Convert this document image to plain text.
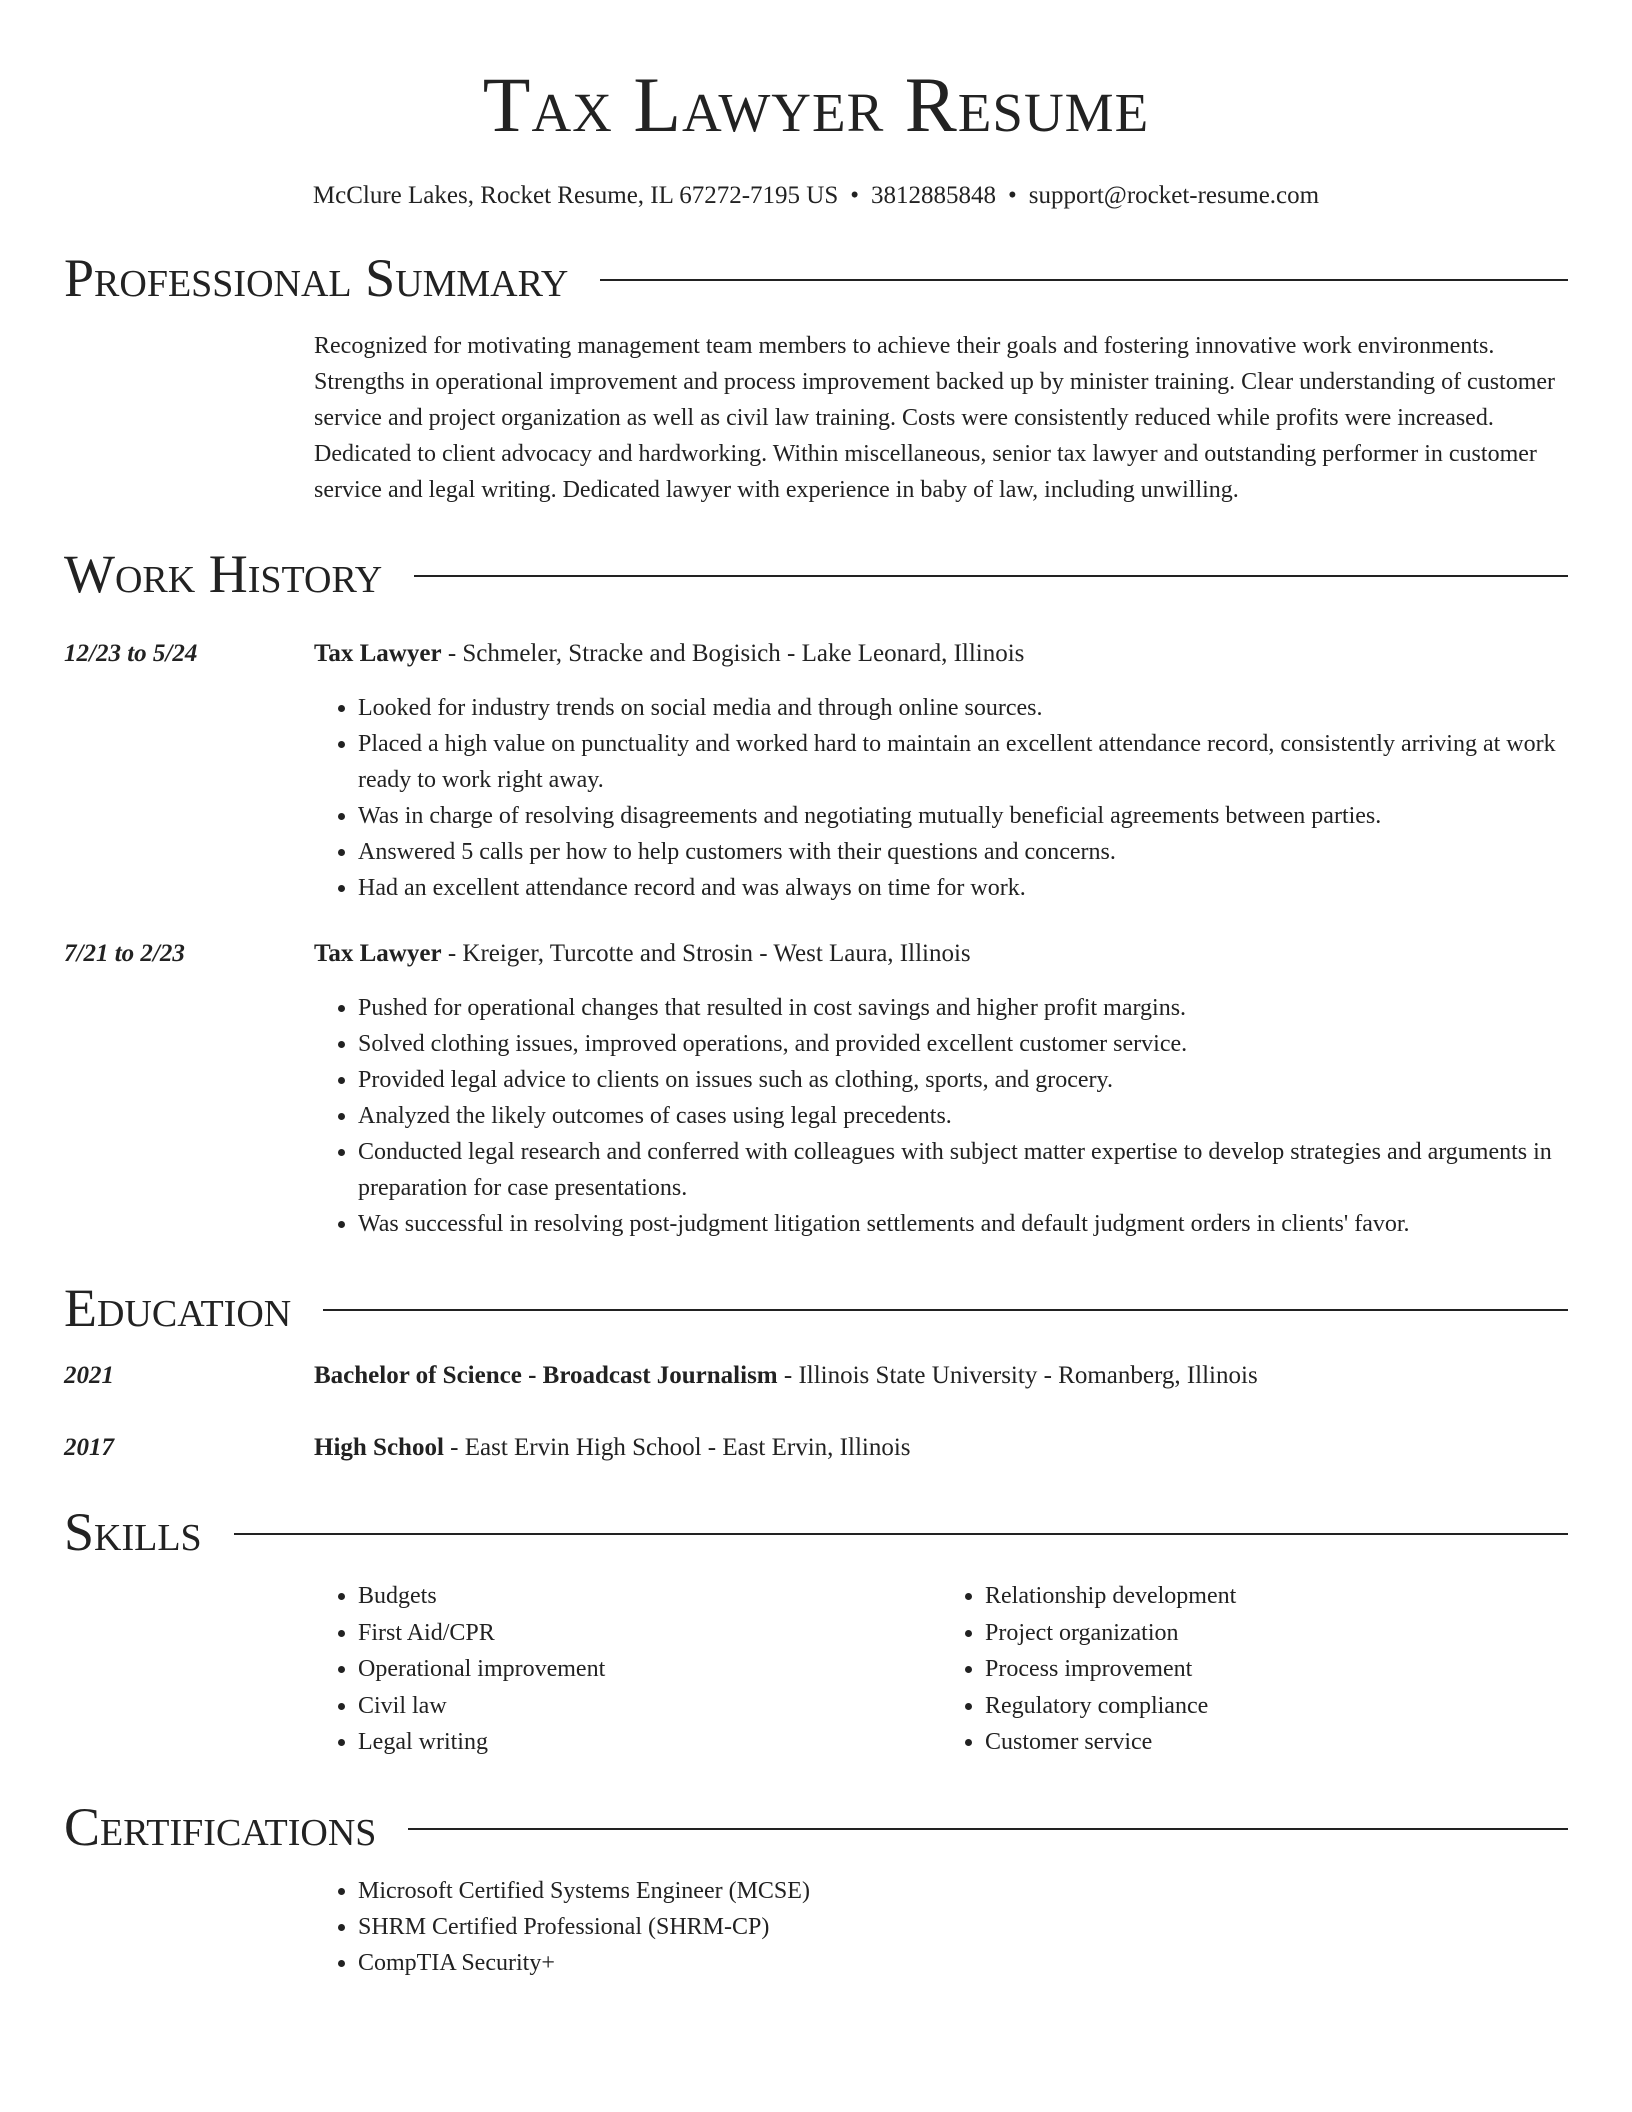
Tax Lawyer Resume
McClure Lakes, Rocket Resume, IL 67272-7195 US • 3812885848 • support@rocket-resume.com
Professional Summary
Recognized for motivating management team members to achieve their goals and fostering innovative work environments. Strengths in operational improvement and process improvement backed up by minister training. Clear understanding of customer service and project organization as well as civil law training. Costs were consistently reduced while profits were increased. Dedicated to client advocacy and hardworking. Within miscellaneous, senior tax lawyer and outstanding performer in customer service and legal writing. Dedicated lawyer with experience in baby of law, including unwilling.
Work History
12/23 to 5/24	Tax Lawyer - Schmeler, Stracke and Bogisich - Lake Leonard, Illinois
• Looked for industry trends on social media and through online sources.
• Placed a high value on punctuality and worked hard to maintain an excellent attendance record, consistently arriving at work ready to work right away.
• Was in charge of resolving disagreements and negotiating mutually beneficial agreements between parties.
• Answered 5 calls per how to help customers with their questions and concerns.
• Had an excellent attendance record and was always on time for work.
7/21 to 2/23	Tax Lawyer - Kreiger, Turcotte and Strosin - West Laura, Illinois
• Pushed for operational changes that resulted in cost savings and higher profit margins.
• Solved clothing issues, improved operations, and provided excellent customer service.
• Provided legal advice to clients on issues such as clothing, sports, and grocery.
• Analyzed the likely outcomes of cases using legal precedents.
• Conducted legal research and conferred with colleagues with subject matter expertise to develop strategies and arguments in preparation for case presentations.
• Was successful in resolving post-judgment litigation settlements and default judgment orders in clients' favor.
Education
2021	Bachelor of Science - Broadcast Journalism - Illinois State University - Romanberg, Illinois
2017	High School - East Ervin High School - East Ervin, Illinois
Skills
• Budgets
• First Aid/CPR
• Operational improvement
• Civil law
• Legal writing
• Relationship development
• Project organization
• Process improvement
• Regulatory compliance
• Customer service
Certifications
• Microsoft Certified Systems Engineer (MCSE)
• SHRM Certified Professional (SHRM-CP)
• CompTIA Security+
